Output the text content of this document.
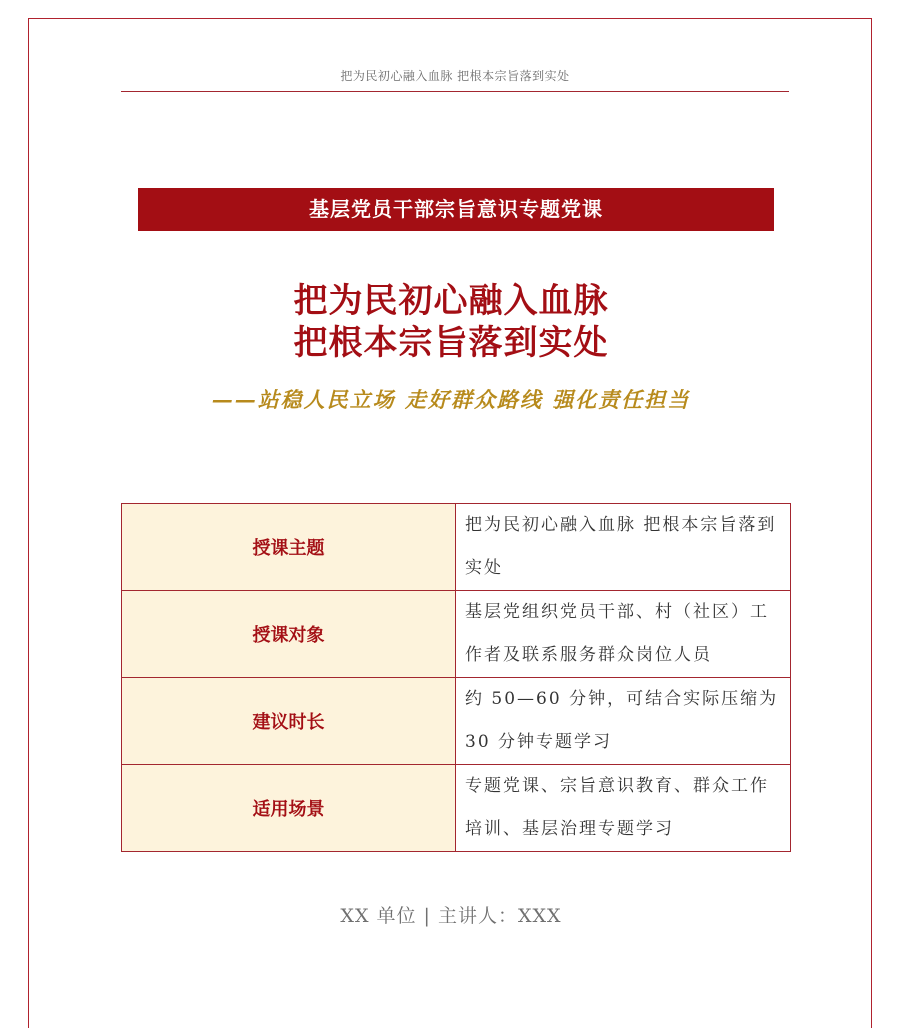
把为民初心融入血脉 把根本宗旨落到实处
基层党员干部宗旨意识专题党课
把为民初心融入血脉
把根本宗旨落到实处
——站稳人民立场 走好群众路线 强化责任担当
授课主题	把为民初心融入血脉 把根本宗旨落到实处
授课对象	基层党组织党员干部、村（社区）工作者及联系服务群众岗位人员
建议时长	约 50—60 分钟，可结合实际压缩为 30 分钟专题学习
适用场景	专题党课、宗旨意识教育、群众工作培训、基层治理专题学习
XX 单位 | 主讲人：XXX
